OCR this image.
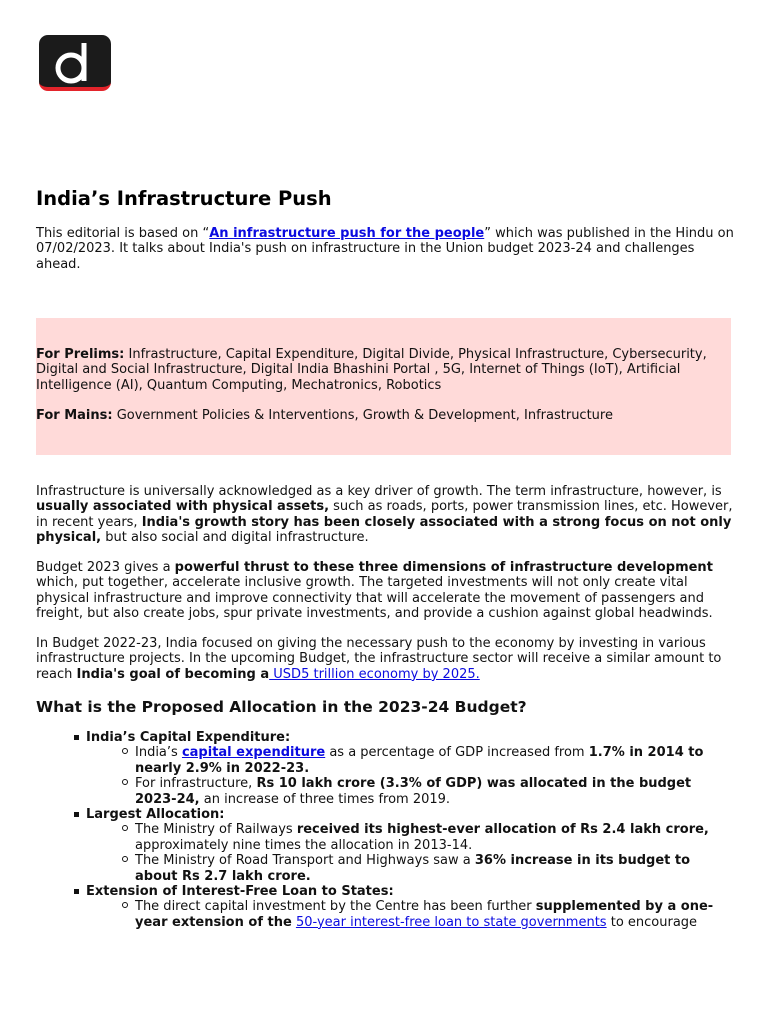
India’s Infrastructure Push

This editorial is based on “An infrastructure push for the people” which was published in the Hindu on 07/02/2023. It talks about India's push on infrastructure in the Union budget 2023-24 and challenges ahead.

For Prelims: Infrastructure, Capital Expenditure, Digital Divide, Physical Infrastructure, Cybersecurity, Digital and Social Infrastructure, Digital India Bhashini Portal , 5G, Internet of Things (IoT), Artificial Intelligence (AI), Quantum Computing, Mechatronics, Robotics

For Mains: Government Policies & Interventions, Growth & Development, Infrastructure

Infrastructure is universally acknowledged as a key driver of growth. The term infrastructure, however, is usually associated with physical assets, such as roads, ports, power transmission lines, etc. However, in recent years, India's growth story has been closely associated with a strong focus on not only physical, but also social and digital infrastructure.

Budget 2023 gives a powerful thrust to these three dimensions of infrastructure development which, put together, accelerate inclusive growth. The targeted investments will not only create vital physical infrastructure and improve connectivity that will accelerate the movement of passengers and freight, but also create jobs, spur private investments, and provide a cushion against global headwinds.

In Budget 2022-23, India focused on giving the necessary push to the economy by investing in various infrastructure projects. In the upcoming Budget, the infrastructure sector will receive a similar amount to reach India's goal of becoming a USD5 trillion economy by 2025.

What is the Proposed Allocation in the 2023-24 Budget?
India’s Capital Expenditure:
India’s capital expenditure as a percentage of GDP increased from 1.7% in 2014 to nearly 2.9% in 2022-23.
For infrastructure, Rs 10 lakh crore (3.3% of GDP) was allocated in the budget 2023-24, an increase of three times from 2019.
Largest Allocation:
The Ministry of Railways received its highest-ever allocation of Rs 2.4 lakh crore, approximately nine times the allocation in 2013-14.
The Ministry of Road Transport and Highways saw a 36% increase in its budget to about Rs 2.7 lakh crore.
Extension of Interest-Free Loan to States:
The direct capital investment by the Centre has been further supplemented by a one-year extension of the 50-year interest-free loan to state governments to encourage
